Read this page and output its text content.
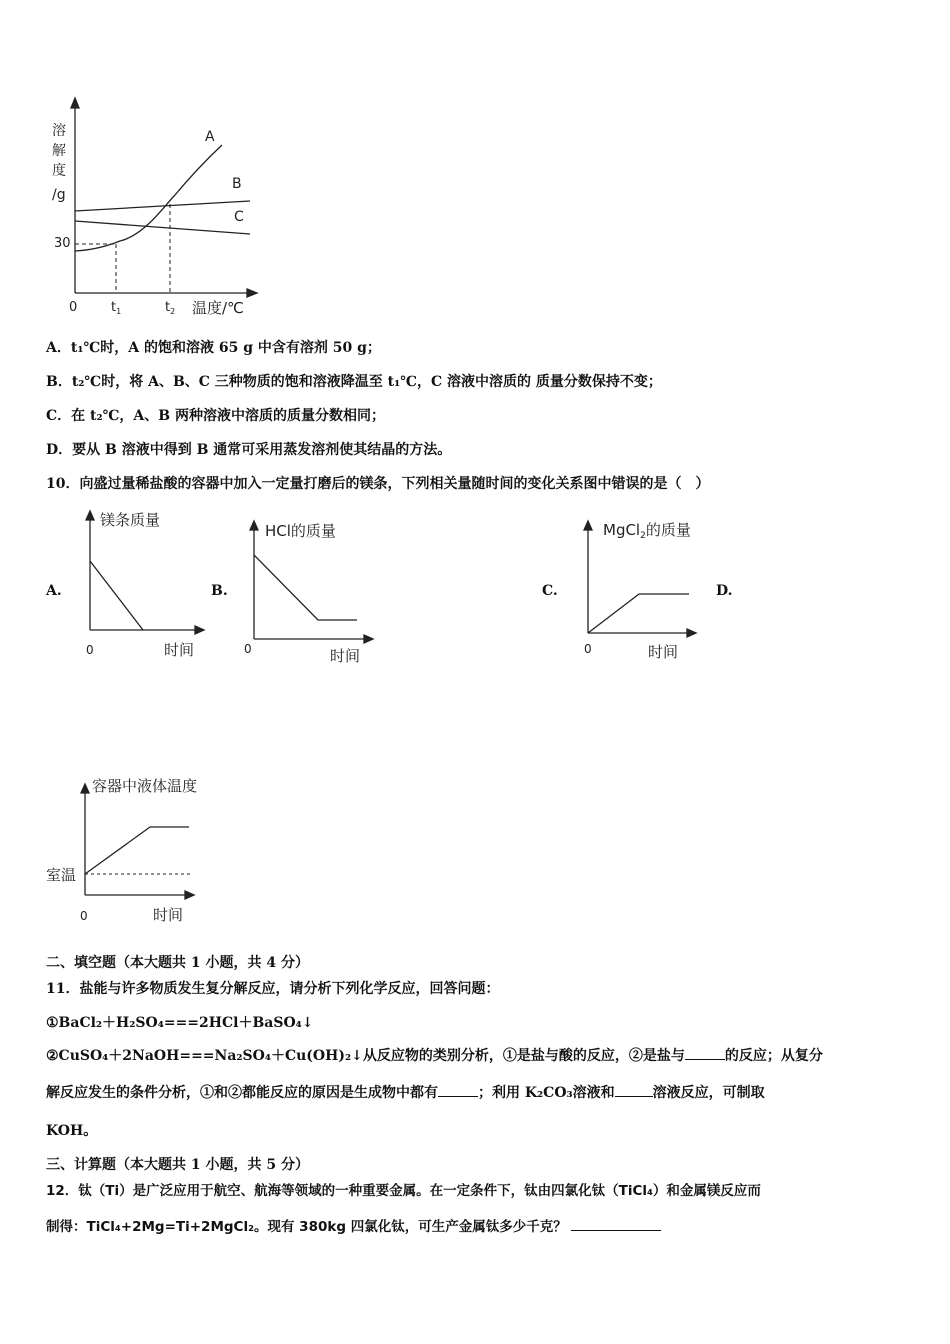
溶
解
度
/g
A
B
C
30
0	$t_1$	$t_2$ 温度/℃
A．t₁℃时，A 的饱和溶液 65 g 中含有溶剂 50 g；
B．t₂℃时，将 A、B、C 三种物质的饱和溶液降温至 t₁℃，C 溶液中溶质的 质量分数保持不变；
C．在 t₂℃，A、B 两种溶液中溶质的质量分数相同；
D．要从 B 溶液中得到 B 通常可采用蒸发溶剂使其结晶的方法。
10．向盛过量稀盐酸的容器中加入一定量打磨后的镁条，下列相关量随时间的变化关系图中错误的是（　）
A.	B.	C.	D.
镁条质量
0	时间
HCl的质量
0	时间
MgCl$_2$的质量
0	时间
容器中液体温度
室温
0	时间
二、填空题（本大题共 1 小题，共 4 分）
11．盐能与许多物质发生复分解反应，请分析下列化学反应，回答问题：
①BaCl₂＋H₂SO₄===2HCl＋BaSO₄↓
②CuSO₄＋2NaOH===Na₂SO₄＋Cu(OH)₂↓从反应物的类别分析，①是盐与酸的反应，②是盐与	的反应；从复分
解反应发生的条件分析，①和②都能反应的原因是生成物中都有	；利用 K₂CO₃溶液和	溶液反应，可制取
KOH。
三、计算题（本大题共 1 小题，共 5 分）
12．钛（Ti）是广泛应用于航空、航海等领域的一种重要金属。在一定条件下，钛由四氯化钛（TiCl₄）和金属镁反应而
制得：TiCl₄+2Mg=Ti+2MgCl₂。现有 380kg 四氯化钛，可生产金属钛多少千克？
